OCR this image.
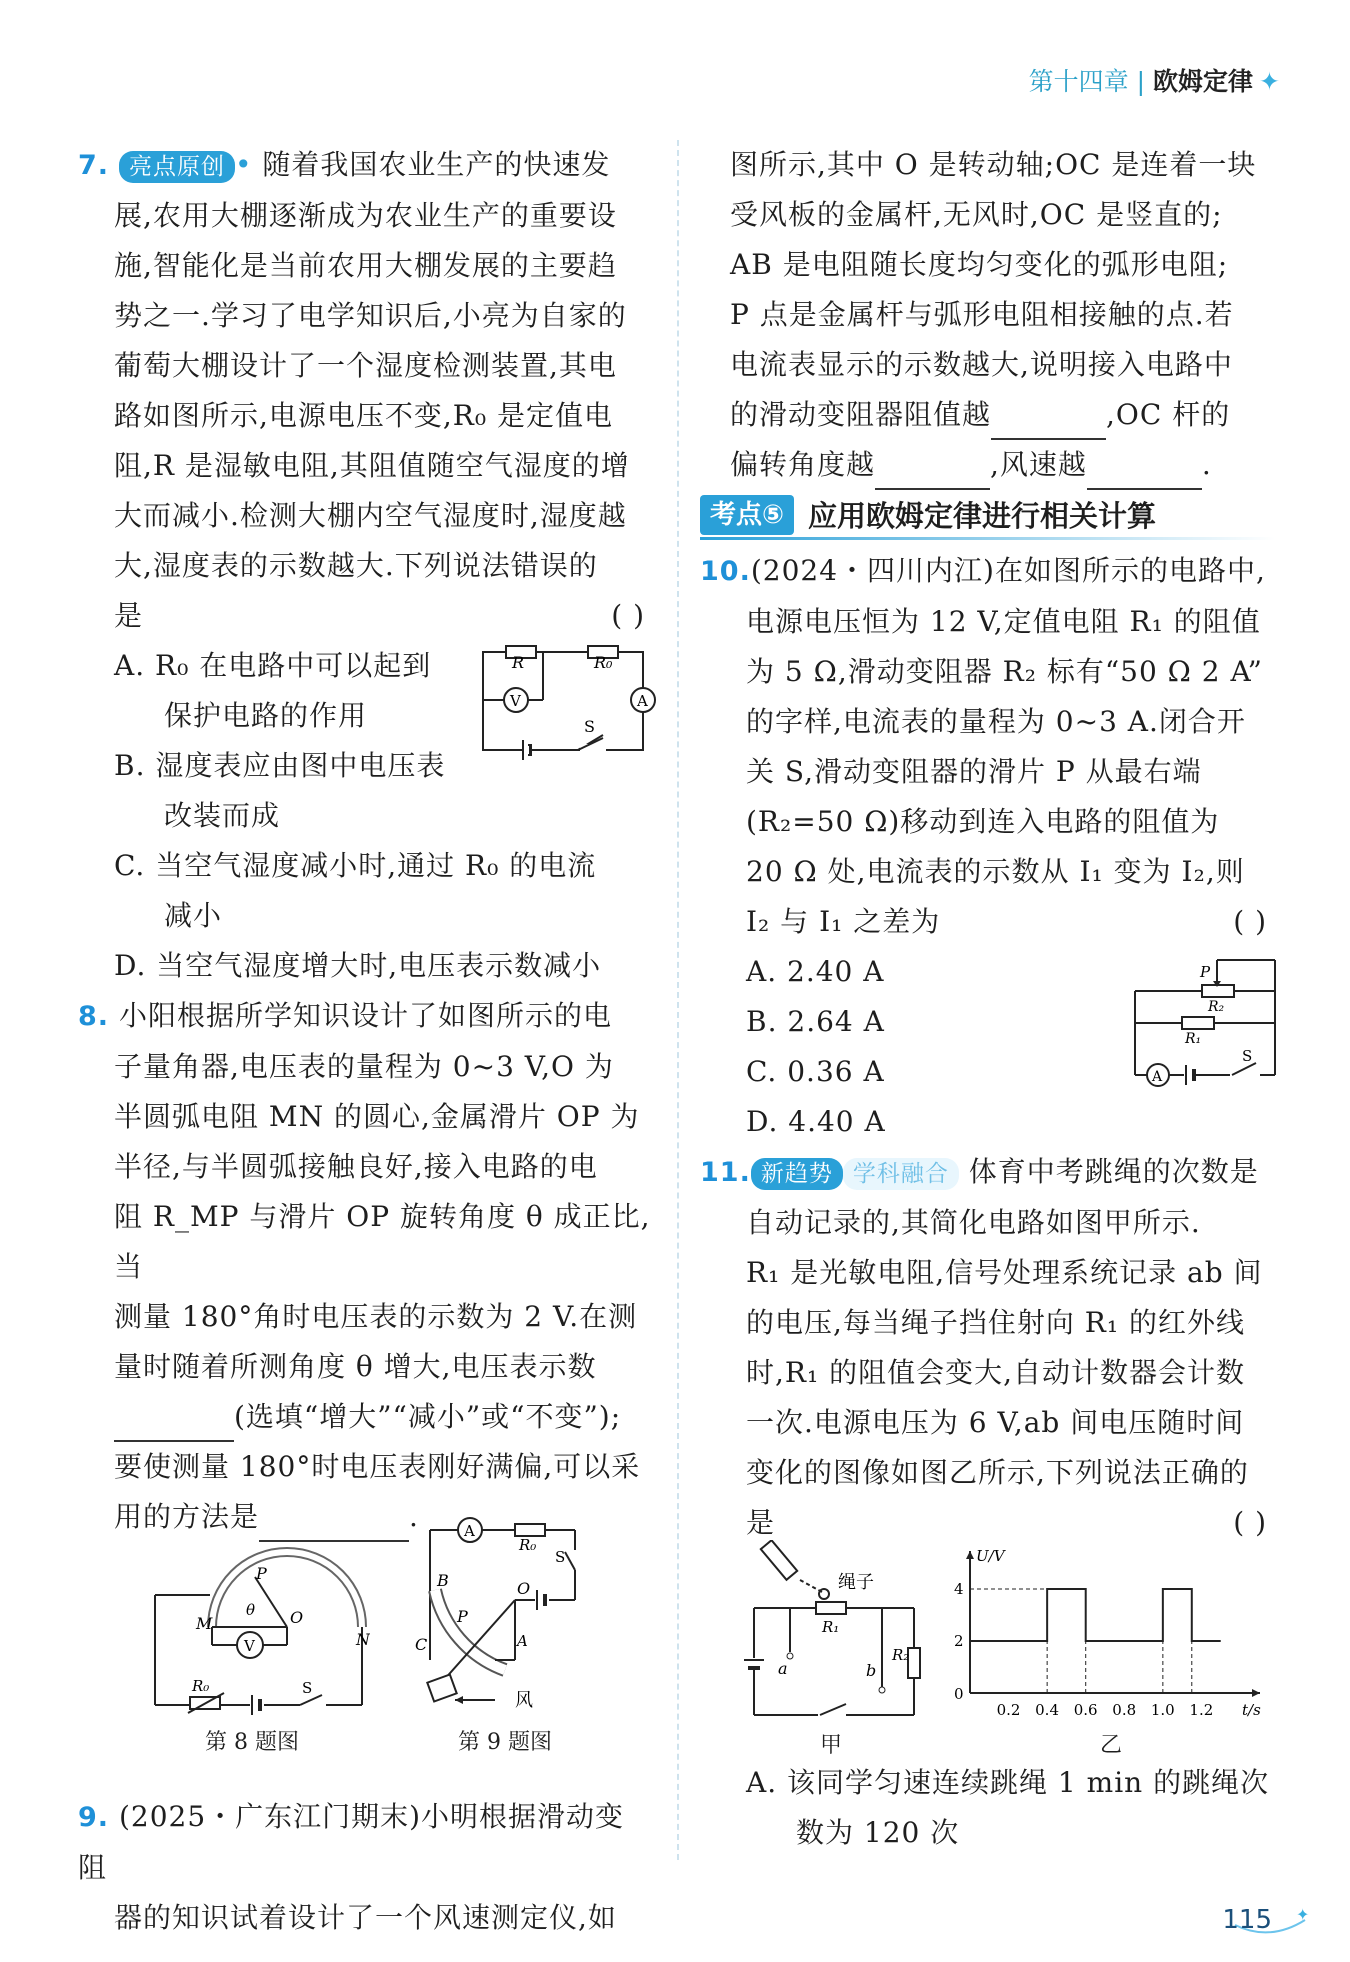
第十四章 | 欧姆定律 ✦
7. 亮点原创 • 随着我国农业生产的快速发
展,农用大棚逐渐成为农业生产的重要设
施,智能化是当前农用大棚发展的主要趋
势之一.学习了电学知识后,小亮为自家的
葡萄大棚设计了一个湿度检测装置,其电
路如图所示,电源电压不变,R₀ 是定值电
阻,R 是湿敏电阻,其阻值随空气湿度的增
大而减小.检测大棚内空气湿度时,湿度越
大,湿度表的示数越大.下列说法错误的
是	( )
A. R₀ 在电路中可以起到
保护电路的作用
B. 湿度表应由图中电压表
改装而成
C. 当空气湿度减小时,通过 R₀ 的电流
减小
D. 当空气湿度增大时,电压表示数减小
8. 小阳根据所学知识设计了如图所示的电
子量角器,电压表的量程为 0~3 V,O 为
半圆弧电阻 MN 的圆心,金属滑片 OP 为
半径,与半圆弧接触良好,接入电路的电
阻 R_MP 与滑片 OP 旋转角度 θ 成正比,当
测量 180°角时电压表的示数为 2 V.在测
量时随着所测角度 θ 增大,电压表示数
(选填“增大”“减小”或“不变”);
要使测量 180°时电压表刚好满偏,可以采
用的方法是	.
9. (2025・广东江门期末)小明根据滑动变阻
器的知识试着设计了一个风速测定仪,如
R	R₀
V	A
S
V
P
θ O
M
N
R₀	S
第 8 题图
A
R₀
S
B	O
P
A
C
风
第 9 题图
图所示,其中 O 是转动轴;OC 是连着一块
受风板的金属杆,无风时,OC 是竖直的;
AB 是电阻随长度均匀变化的弧形电阻;
P 点是金属杆与弧形电阻相接触的点.若
电流表显示的示数越大,说明接入电路中
的滑动变阻器阻值越	,OC 杆的
偏转角度越	,风速越	.
考点⑤ 应用欧姆定律进行相关计算
10.(2024・四川内江)在如图所示的电路中,
电源电压恒为 12 V,定值电阻 R₁ 的阻值
为 5 Ω,滑动变阻器 R₂ 标有“50 Ω 2 A”
的字样,电流表的量程为 0~3 A.闭合开
关 S,滑动变阻器的滑片 P 从最右端
(R₂=50 Ω)移动到连入电路的阻值为
20 Ω 处,电流表的示数从 I₁ 变为 I₂,则
I₂ 与 I₁ 之差为	( )
A. 2.40 A
B. 2.64 A
C. 0.36 A
D. 4.40 A
11. 新趋势 学科融合 体育中考跳绳的次数是
自动记录的,其简化电路如图甲所示.
R₁ 是光敏电阻,信号处理系统记录 ab 间
的电压,每当绳子挡住射向 R₁ 的红外线
时,R₁ 的阻值会变大,自动计数器会计数
一次.电源电压为 6 V,ab 间电压随时间
变化的图像如图乙所示,下列说法正确的
是	( )
A. 该同学匀速连续跳绳 1 min 的跳绳次
数为 120 次
P
R₂
R₁
A
S
绳子
R₁
R₂
a	b
甲
U/V
t/s
0
0.2 0.4 0.6 0.8 1.0 1.2
2
4
乙
✦
115
